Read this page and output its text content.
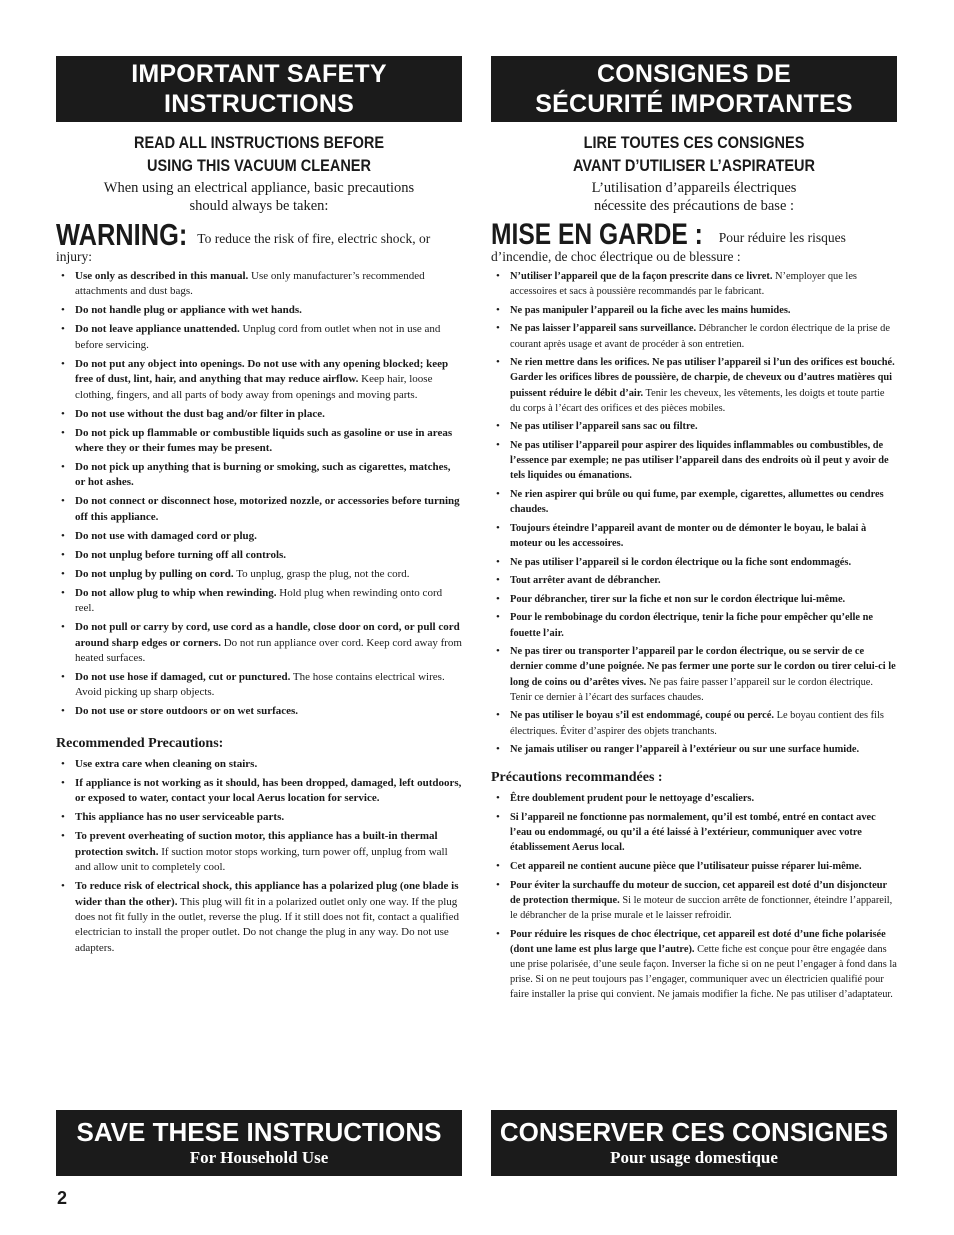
IMPORTANT SAFETY
INSTRUCTIONS
READ ALL INSTRUCTIONS BEFORE
USING THIS VACUUM CLEANER
When using an electrical appliance, basic precautions
should always be taken:
WARNING: To reduce the risk of fire, electric shock, or injury:
• Use only as described in this manual. Use only manufacturer’s recommended attachments and dust bags.
• Do not handle plug or appliance with wet hands.
• Do not leave appliance unattended. Unplug cord from outlet when not in use and before servicing.
• Do not put any object into openings. Do not use with any opening blocked; keep free of dust, lint, hair, and anything that may reduce airflow. Keep hair, loose clothing, fingers, and all parts of body away from openings and moving parts.
• Do not use without the dust bag and/or filter in place.
• Do not pick up flammable or combustible liquids such as gasoline or use in areas where they or their fumes may be present.
• Do not pick up anything that is burning or smoking, such as cigarettes, matches, or hot ashes.
• Do not connect or disconnect hose, motorized nozzle, or accessories before turning off this appliance.
• Do not use with damaged cord or plug.
• Do not unplug before turning off all controls.
• Do not unplug by pulling on cord. To unplug, grasp the plug, not the cord.
• Do not allow plug to whip when rewinding. Hold plug when rewinding onto cord reel.
• Do not pull or carry by cord, use cord as a handle, close door on cord, or pull cord around sharp edges or corners. Do not run appliance over cord. Keep cord away from heated surfaces.
• Do not use hose if damaged, cut or punctured. The hose contains electrical wires. Avoid picking up sharp objects.
• Do not use or store outdoors or on wet surfaces.
Recommended Precautions:
• Use extra care when cleaning on stairs.
• If appliance is not working as it should, has been dropped, damaged, left outdoors, or exposed to water, contact your local Aerus location for service.
• This appliance has no user serviceable parts.
• To prevent overheating of suction motor, this appliance has a built-in thermal protection switch. If suction motor stops working, turn power off, unplug from wall and allow unit to completely cool.
• To reduce risk of electrical shock, this appliance has a polarized plug (one blade is wider than the other). This plug will fit in a polarized outlet only one way. If the plug does not fit fully in the outlet, reverse the plug. If it still does not fit, contact a qualified electrician to install the proper outlet. Do not change the plug in any way. Do not use adapters.
SAVE THESE INSTRUCTIONS
For Household Use
CONSIGNES DE
SÉCURITÉ IMPORTANTES
LIRE TOUTES CES CONSIGNES
AVANT D’UTILISER L’ASPIRATEUR
L’utilisation d’appareils électriques
nécessite des précautions de base :
MISE EN GARDE : Pour réduire les risques d’incendie, de choc électrique ou de blessure :
• N’utiliser l’appareil que de la façon prescrite dans ce livret. N’employer que les accessoires et sacs à poussière recommandés par le fabricant.
• Ne pas manipuler l’appareil ou la fiche avec les mains humides.
• Ne pas laisser l’appareil sans surveillance. Débrancher le cordon électrique de la prise de courant après usage et avant de procéder à son entretien.
• Ne rien mettre dans les orifices. Ne pas utiliser l’appareil si l’un des orifices est bouché. Garder les orifices libres de poussière, de charpie, de cheveux ou d’autres matières qui puissent réduire le débit d’air. Tenir les cheveux, les vêtements, les doigts et toute partie du corps à l’écart des orifices et des pièces mobiles.
• Ne pas utiliser l’appareil sans sac ou filtre.
• Ne pas utiliser l’appareil pour aspirer des liquides inflammables ou combustibles, de l’essence par exemple; ne pas utiliser l’appareil dans des endroits où il peut y avoir de tels liquides ou émanations.
• Ne rien aspirer qui brûle ou qui fume, par exemple, cigarettes, allumettes ou cendres chaudes.
• Toujours éteindre l’appareil avant de monter ou de démonter le boyau, le balai à moteur ou les accessoires.
• Ne pas utiliser l’appareil si le cordon électrique ou la fiche sont endommagés.
• Tout arrêter avant de débrancher.
• Pour débrancher, tirer sur la fiche et non sur le cordon électrique lui-même.
• Pour le rembobinage du cordon électrique, tenir la fiche pour empêcher qu’elle ne fouette l’air.
• Ne pas tirer ou transporter l’appareil par le cordon électrique, ou se servir de ce dernier comme d’une poignée. Ne pas fermer une porte sur le cordon ou tirer celui-ci le long de coins ou d’arêtes vives. Ne pas faire passer l’appareil sur le cordon électrique. Tenir ce dernier à l’écart des surfaces chaudes.
• Ne pas utiliser le boyau s’il est endommagé, coupé ou percé. Le boyau contient des fils électriques. Éviter d’aspirer des objets tranchants.
• Ne jamais utiliser ou ranger l’appareil à l’extérieur ou sur une surface humide.
Précautions recommandées :
• Être doublement prudent pour le nettoyage d’escaliers.
• Si l’appareil ne fonctionne pas normalement, qu’il est tombé, entré en contact avec l’eau ou endommagé, ou qu’il a été laissé à l’extérieur, communiquer avec votre établissement Aerus local.
• Cet appareil ne contient aucune pièce que l’utilisateur puisse réparer lui-même.
• Pour éviter la surchauffe du moteur de succion, cet appareil est doté d’un disjoncteur de protection thermique. Si le moteur de succion arrête de fonctionner, éteindre l’appareil, le débrancher de la prise murale et le laisser refroidir.
• Pour réduire les risques de choc électrique, cet appareil est doté d’une fiche polarisée (dont une lame est plus large que l’autre). Cette fiche est conçue pour être engagée dans une prise polarisée, d’une seule façon. Inverser la fiche si on ne peut l’engager à fond dans la prise. Si on ne peut toujours pas l’engager, communiquer avec un électricien qualifié pour faire installer la prise qui convient. Ne jamais modifier la fiche. Ne pas utiliser d’adaptateur.
CONSERVER CES CONSIGNES
Pour usage domestique
2
